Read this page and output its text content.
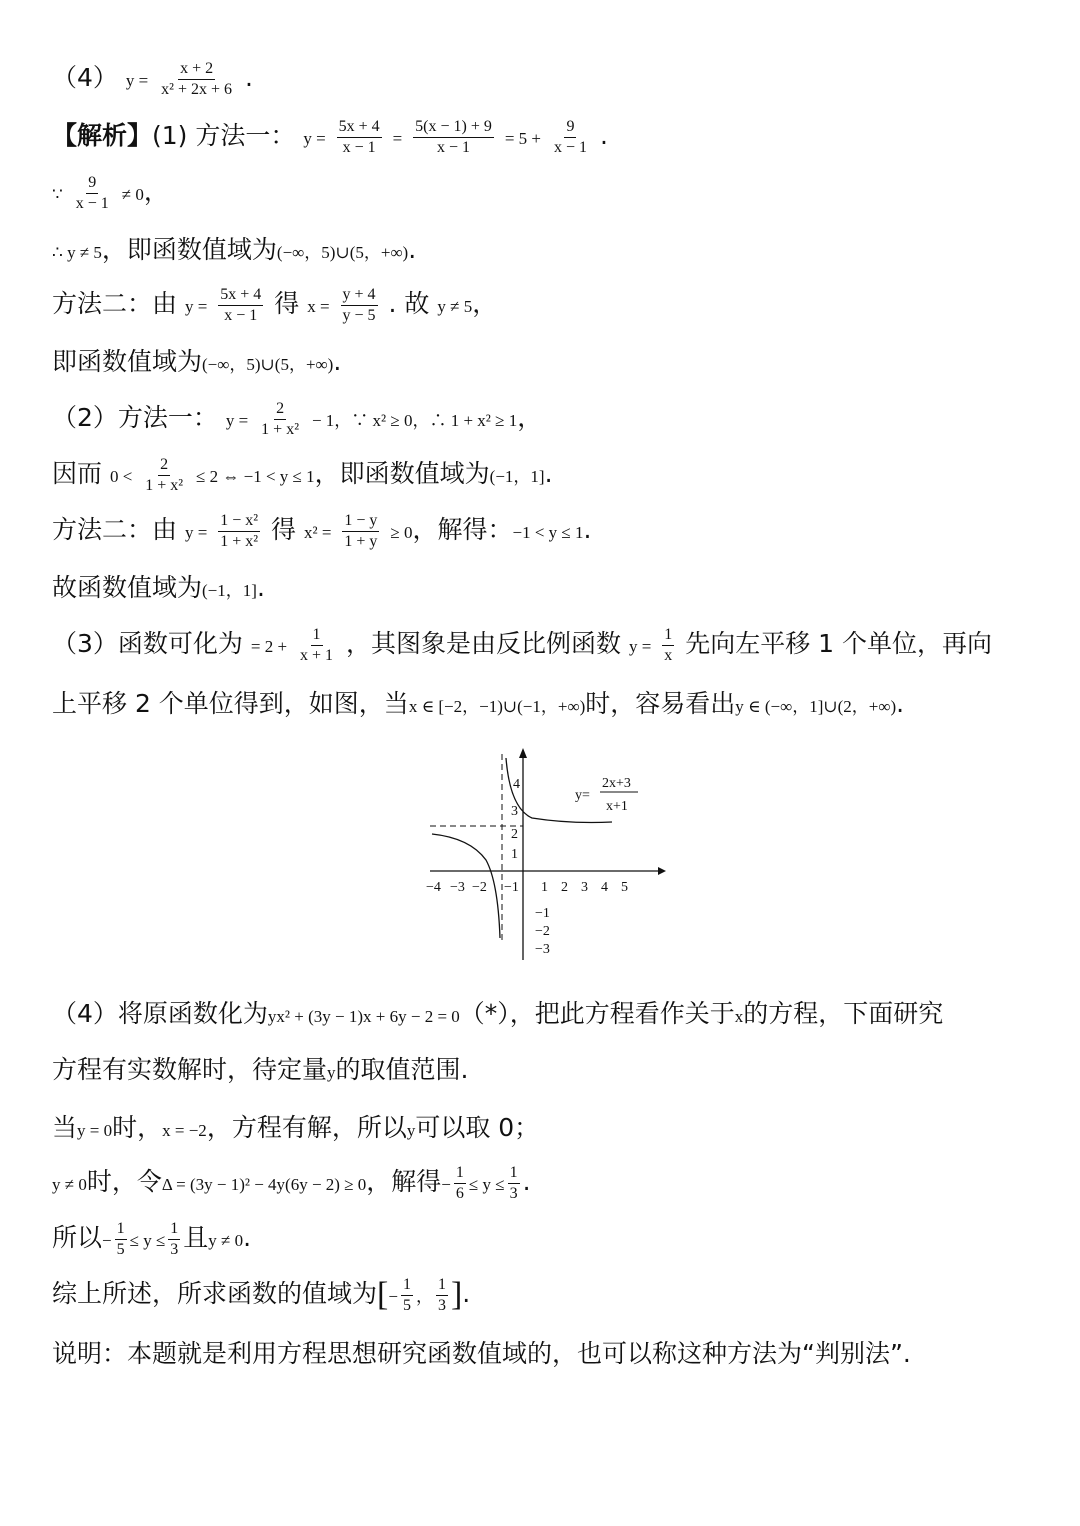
（4） $y = \frac{x + 2}{\text{x² + 2x + 6}}$ .
【解析】(1) 方法一： $y = \frac{5x + 4}{x - 1} = \frac{5(x - 1) + 9}{x - 1} = 5 + \frac{9}{x - 1}$ .
∵ $\frac{9}{x - 1} \ne 0$，
∴ y ≠ 5，即函数值域为(−∞，5)∪(5，+∞).
方法二：由 $y = \frac{5x + 4}{x - 1}$ 得 $x = \frac{y + 4}{y - 5}$ . 故 y ≠ 5，
即函数值域为(−∞，5)∪(5，+∞).
（2）方法一： $y = \frac{2}{\text{1 + x²}} - 1$，∵ x² ≥ 0，∴ 1 + x² ≥ 1，
因而 $0 < \frac{2}{\text{1 + x²}} \le 2$ ⇔ −1 < y ≤ 1，即函数值域为(−1，1].
方法二：由 $y = \frac{\text{1 − x²}}{\text{1 + x²}}$ 得 $x^2 = \frac{1 - y}{1 + y} \ge 0$，解得：−1 < y ≤ 1.
故函数值域为(−1，1].
（3）函数可化为 = $2 + \frac{1}{x + 1}$ ，其图象是由反比例函数 $y = \frac{1}{x}$ 先向左平移 1 个单位，再向
上平移 2 个单位得到，如图，当x ∈ [−2，−1)∪(−1，+∞)时，容易看出y ∈ (−∞，1]∪(2，+∞).
y=
2x+3
x+1
−4 −3 −2 −1 1 2 3 4 5
4
3
2
1
−1
−2
−3
（4）将原函数化为yx² + (3y − 1)x + 6y − 2 = 0（*），把此方程看作关于x的方程，下面研究
方程有实数解时，待定量y的取值范围.
当y = 0时，x = −2，方程有解，所以y可以取 0；
y ≠ 0时，令Δ = (3y − 1)² − 4y(6y − 2) ≥ 0，解得− $\frac{1}{6} \le y \le \frac{1}{3}$ .
所以− $\frac{1}{5} \le y \le \frac{1}{3}$ 且y ≠ 0.
综上所述，所求函数的值域为[− $\frac{1}{5}$ ， $\frac{1}{3}$ ].
说明：本题就是利用方程思想研究函数值域的，也可以称这种方法为“判别法”.
